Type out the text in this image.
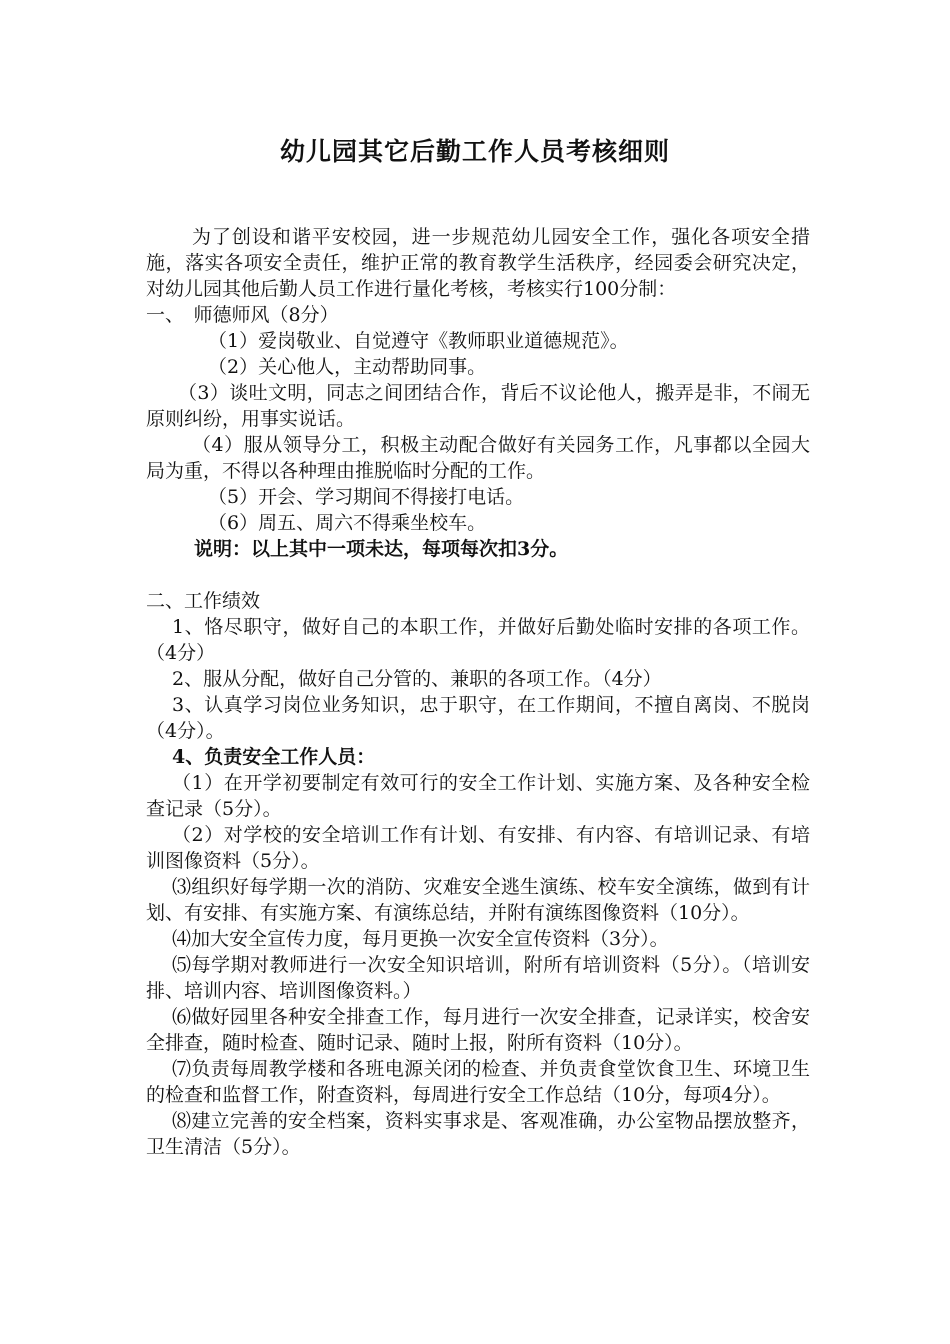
幼儿园其它后勤工作人员考核细则

为了创设和谐平安校园，进一步规范幼儿园安全工作，强化各项安全措施，落实各项安全责任，维护正常的教育教学生活秩序，经园委会研究决定，对幼儿园其他后勤人员工作进行量化考核，考核实行100分制：

一、　师德师风（8分）

（1）爱岗敬业、自觉遵守《教师职业道德规范》。

（2）关心他人，主动帮助同事。

（3）谈吐文明，同志之间团结合作，背后不议论他人，搬弄是非，不闹无原则纠纷，用事实说话。

（4）服从领导分工，积极主动配合做好有关园务工作，凡事都以全园大局为重，不得以各种理由推脱临时分配的工作。

（5）开会、学习期间不得接打电话。

（6）周五、周六不得乘坐校车。

说明：以上其中一项未达，每项每次扣3分。

二、工作绩效

1、恪尽职守，做好自己的本职工作，并做好后勤处临时安排的各项工作。（4分）

2、服从分配，做好自己分管的、兼职的各项工作。（4分）

3、认真学习岗位业务知识，忠于职守，在工作期间，不擅自离岗、不脱岗（4分）。

4、负责安全工作人员：

（1）在开学初要制定有效可行的安全工作计划、实施方案、及各种安全检查记录（5分）。

（2）对学校的安全培训工作有计划、有安排、有内容、有培训记录、有培训图像资料（5分）。

⑶组织好每学期一次的消防、灾难安全逃生演练、校车安全演练，做到有计划、有安排、有实施方案、有演练总结，并附有演练图像资料（10分）。

⑷加大安全宣传力度，每月更换一次安全宣传资料（3分）。

⑸每学期对教师进行一次安全知识培训，附所有培训资料（5分）。（培训安排、培训内容、培训图像资料。）

⑹做好园里各种安全排查工作，每月进行一次安全排查，记录详实，校舍安全排查，随时检查、随时记录、随时上报，附所有资料（10分）。

⑺负责每周教学楼和各班电源关闭的检查、并负责食堂饮食卫生、环境卫生的检查和监督工作，附查资料，每周进行安全工作总结（10分，每项4分）。

⑻建立完善的安全档案，资料实事求是、客观准确，办公室物品摆放整齐，卫生清洁（5分）。
